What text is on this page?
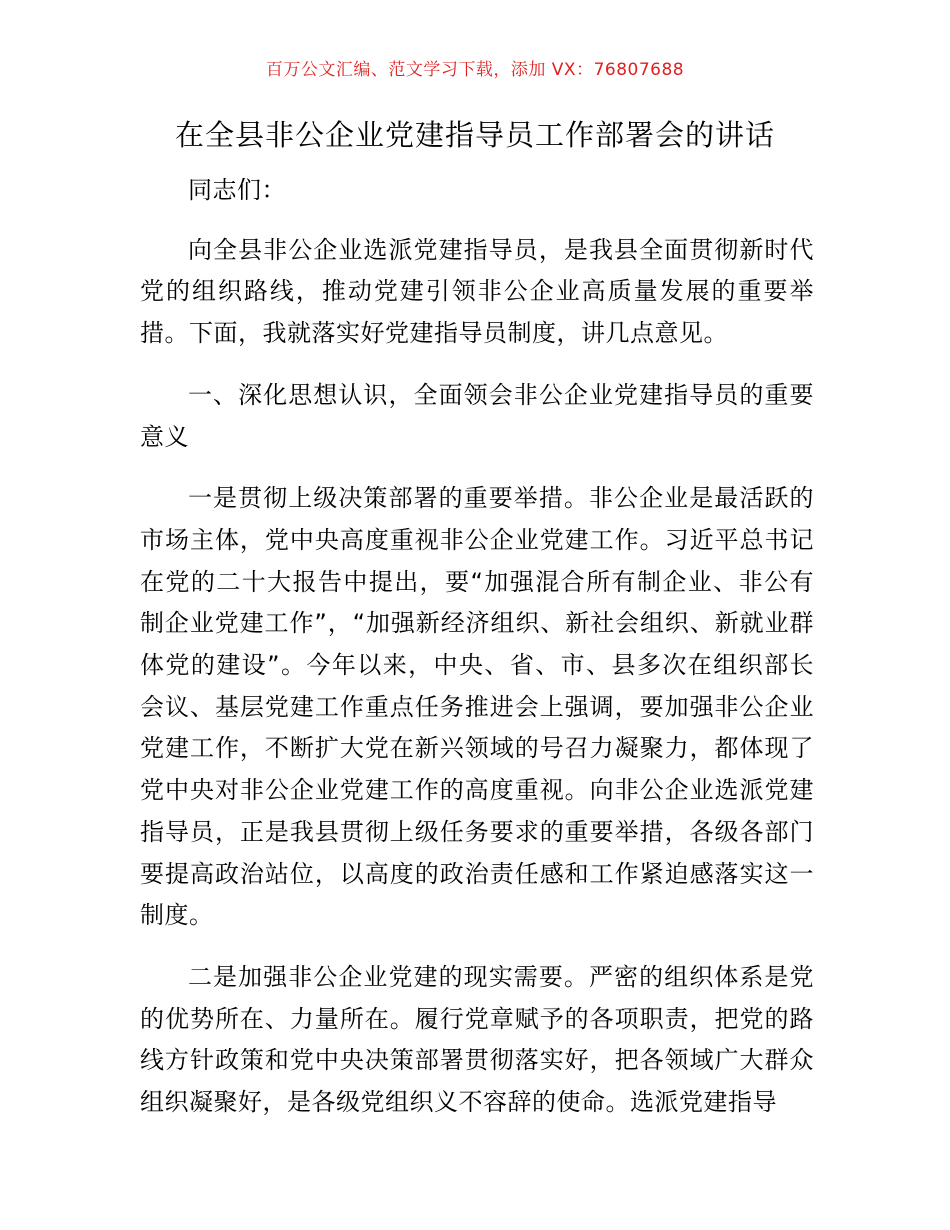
百万公文汇编、范文学习下载，添加 VX：76807688
在全县非公企业党建指导员工作部署会的讲话

同志们：

向全县非公企业选派党建指导员，是我县全面贯彻新时代党的组织路线，推动党建引领非公企业高质量发展的重要举措。下面，我就落实好党建指导员制度，讲几点意见。

一、深化思想认识，全面领会非公企业党建指导员的重要意义

一是贯彻上级决策部署的重要举措。非公企业是最活跃的市场主体，党中央高度重视非公企业党建工作。习近平总书记在党的二十大报告中提出，要“加强混合所有制企业、非公有制企业党建工作”，“加强新经济组织、新社会组织、新就业群体党的建设”。今年以来，中央、省、市、县多次在组织部长会议、基层党建工作重点任务推进会上强调，要加强非公企业党建工作，不断扩大党在新兴领域的号召力凝聚力，都体现了党中央对非公企业党建工作的高度重视。向非公企业选派党建指导员，正是我县贯彻上级任务要求的重要举措，各级各部门要提高政治站位，以高度的政治责任感和工作紧迫感落实这一制度。

二是加强非公企业党建的现实需要。严密的组织体系是党的优势所在、力量所在。履行党章赋予的各项职责，把党的路线方针政策和党中央决策部署贯彻落实好，把各领域广大群众组织凝聚好，是各级党组织义不容辞的使命。选派党建指导
